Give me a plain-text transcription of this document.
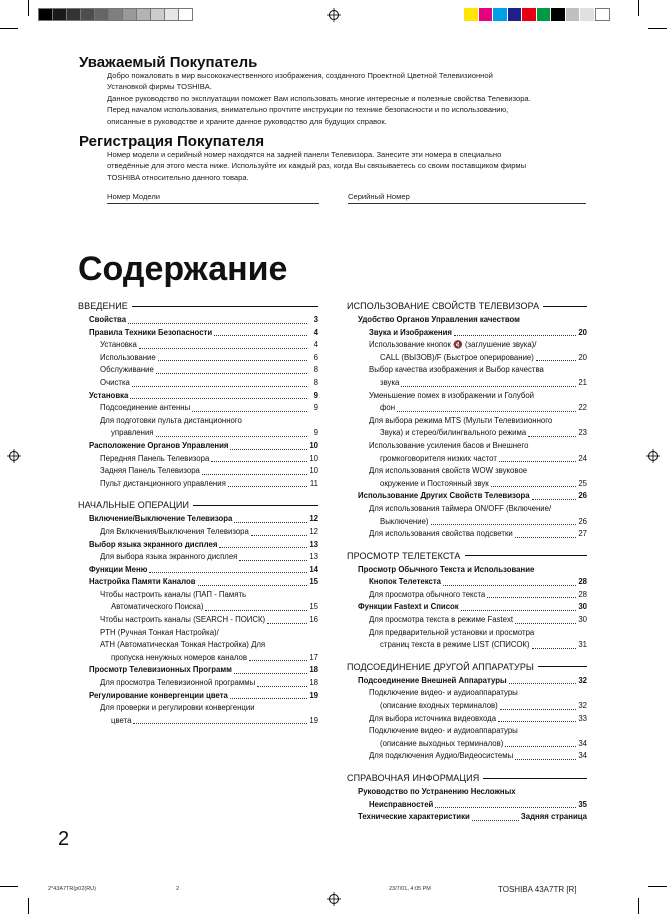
Уважаемый Покупатель
Добро пожаловать в мир высококачественного изображения, созданного Проектной Цветной Телевизионной
Установкой фирмы TOSHIBA.
Данное руководство по эксплуатации поможет Вам использовать многие интересные и полезные свойства Телевизора.
Перед началом использования, внимательно прочтите инструкции по технике безопасности и по использованию,
описанные в руководстве и храните данное руководство для будущих справок.
Регистрация Покупателя
Номер модели и серийный номер находятся на задней панели Телевизора. Занесите эти номера в специально
отведённые для этого места ниже. Используйте их каждый раз, когда Вы связываетесь со своим поставщиком фирмы
TOSHIBA относительно данного товара.
Номер Модели	Серийный Номер
Содержание
ВВЕДЕНИЕ
Свойства	3
Правила Техники Безопасности	4
Установка	4
Использование	6
Обслуживание	8
Очистка	8
Установка	9
Подсоединение антенны	9
Для подготовки пульта дистанционного
управления	9
Расположение Органов Управления	10
Передняя Панель Телевизора	10
Задняя Панель Телевизора	10
Пульт дистанционного управления	11
НАЧАЛЬНЫЕ ОПЕРАЦИИ
Включение/Выключение Телевизора	12
Для Включения/Выключения Телевизора	12
Выбор языка экранного дисплея	13
Для выбора языка экранного дисплея	13
Функции Меню	14
Настройка Памяти Каналов	15
Чтобы настроить каналы (ПАП - Память
Автоматического Поиска)	15
Чтобы настроить каналы (SEARCH - ПОИСК)	16
PTH (Ручная Тонкая Настройка)/
ATH (Автоматическая Тонкая Настройка) Для
пропуска ненужных номеров каналов	17
Просмотр Телевизионных Программ	18
Для просмотра Телевизионной программы	18
Регулирование конвергенции цвета	19
Для проверки и регулировки конвергенции
цвета	19
ИСПОЛЬЗОВАНИЕ СВОЙСТВ ТЕЛЕВИЗОРА
Удобство Органов Управления качеством
Звука и Изображения	20
Использование кнопок 🔇 (заглушение звука)/
CALL (ВЫЗОВ)/F (Быстрое оперирование)	20
Выбор качества изображения и Выбор качества
звука	21
Уменьшение помех в изображении и Голубой
фон	22
Для выбора режима MTS (Мульти Телевизионного
Звука) и стерео/билингвального режима	23
Использование усиления басов и Внешнего
громкоговорителя низких частот	24
Для использования свойств WOW звуковое
окружение и Постоянный звук	25
Использование Других Свойств Телевизора	26
Для использования таймера ON/OFF (Включение/
Выключение)	26
Для использования свойства подсветки	27
ПРОСМОТР ТЕЛЕТЕКСТА
Просмотр Обычного Текста и Использование
Кнопок Телетекста	28
Для просмотра обычного текста	28
Функции Fastext и Список	30
Для просмотра текста в режиме Fastext	30
Для предварительной установки и просмотра
страниц текста в режиме LIST (СПИСОК)	31
ПОДСОЕДИНЕНИЕ ДРУГОЙ АППАРАТУРЫ
Подсоединение Внешней Аппаратуры	32
Подключение видео- и аудиоаппаратуры
(описание входных терминалов)	32
Для выбора источника видеовхода	33
Подключение видео- и аудиоаппаратуры
(описание выходных терминалов)	34
Для подключения Аудио/Видеосистемы	34
СПРАВОЧНАЯ ИНФОРМАЦИЯ
Руководство по Устранению Несложных
Неисправностей	35
Технические характеристики	Задняя страница
2
2*43A7TR(p02(RU)	2	23/7/01, 4:05 PM	TOSHIBA 43A7TR [R]
